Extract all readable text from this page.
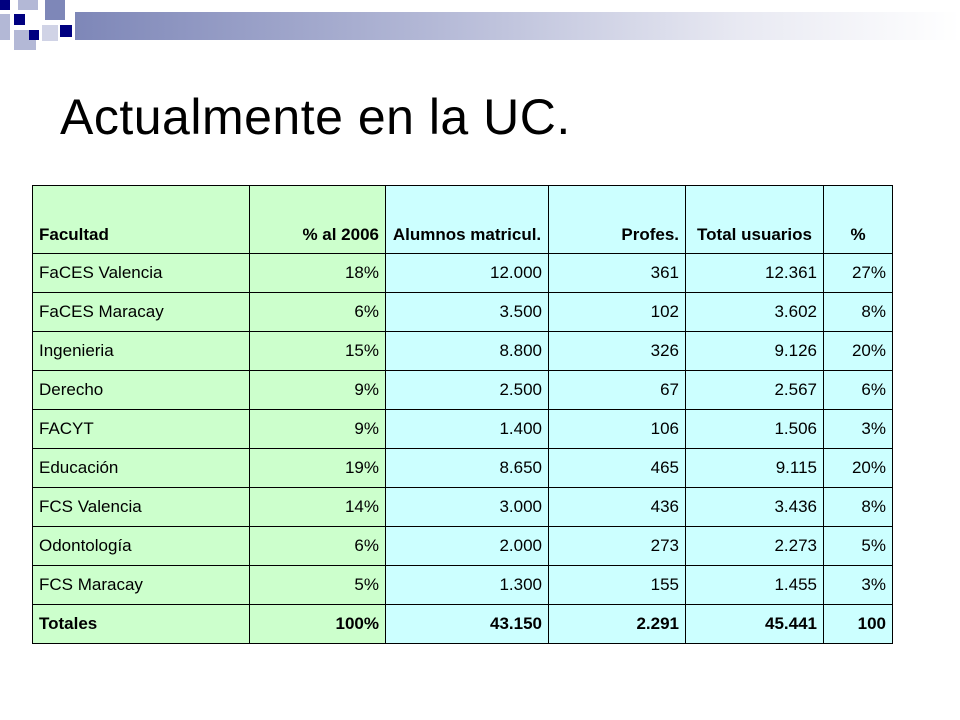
Actualmente en la UC.
Facultad	% al 2006	Alumnos matricul.	Profes.	Total usuarios	%
FaCES Valencia	18%	12.000	361	12.361	27%
FaCES Maracay	6%	3.500	102	3.602	8%
Ingenieria	15%	8.800	326	9.126	20%
Derecho	9%	2.500	67	2.567	6%
FACYT	9%	1.400	106	1.506	3%
Educación	19%	8.650	465	9.115	20%
FCS Valencia	14%	3.000	436	3.436	8%
Odontología	6%	2.000	273	2.273	5%
FCS Maracay	5%	1.300	155	1.455	3%
Totales	100%	43.150	2.291	45.441	100
